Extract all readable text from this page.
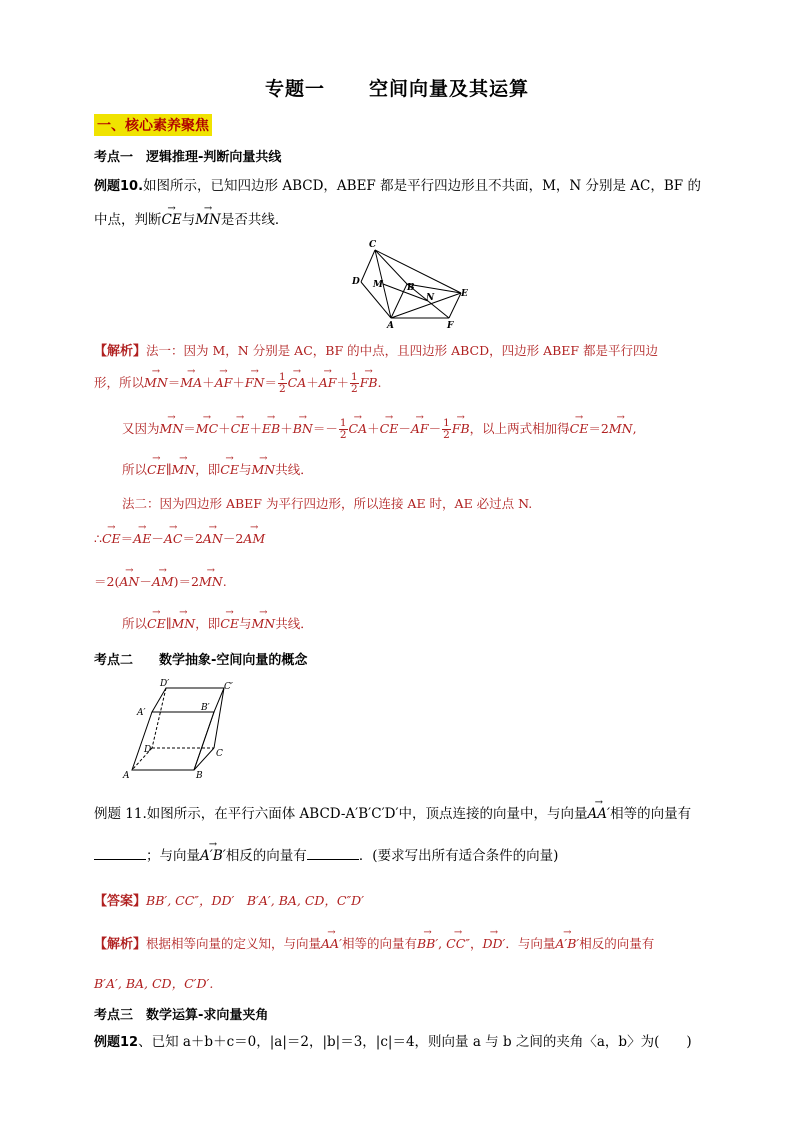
专题一 空间向量及其运算
一、核心素养聚焦
考点一　逻辑推理-判断向量共线
例题10.如图所示，已知四边形 ABCD，ABEF 都是平行四边形且不共面，M，N 分别是 AC，BF 的
中点，判断→ CE与→ MN是否共线．
C
D M	B
N	E
A	F
【解析】法一：因为 M，N 分别是 AC，BF 的中点，且四边形 ABCD，四边形 ABEF 都是平行四边
形，所以→ $MN=\to MA+\to AF+\to FN= \frac{1}{2}$
→ $CA+\to AF+ \frac{1}{2}$
→ FB.
又因为→ $MN=\to MC+\to CE+\to EB+\to BN=- \frac{1}{2}$
→ $CA+\to CE-\to AF- \frac{1}{2}$
→ FB，以上两式相加得→ CE＝2→ MN,
所以→ CE∥→ MN，即→ CE与→ MN共线．
法二：因为四边形 ABEF 为平行四边形，所以连接 AE 时，AE 必过点 N.
∴→ CE＝→ AE－→ AC＝2→ AN－2→ AM
＝2(→ AN－→ AM)＝2→ MN.
所以→ CE∥→ MN，即→ CE与→ MN共线．
考点二　　数学抽象-空间向量的概念
D′	C′
A′	B′
D	C
A	B
例题 11.如图所示，在平行六面体 ABCD-A′B′C′D′中，顶点连接的向量中，与向量→ AA′相等的向量有
；与向量→ A′B′相反的向量有	．(要求写出所有适合条件的向量)
【答案】BB′, CC″，DD′　B′A′, BA, CD，C″D′
【解析】根据相等向量的定义知，与向量→ AA′相等的向量有→ BB′, → CC″，→ DD′．与向量→ A′B′相反的向量有
B′A′, BA, CD，C′D′.
考点三　数学运算-求向量夹角
例题12、已知 a＋b＋c＝0，|a|＝2，|b|＝3，|c|＝4，则向量 a 与 b 之间的夹角〈a，b〉为(　　)
